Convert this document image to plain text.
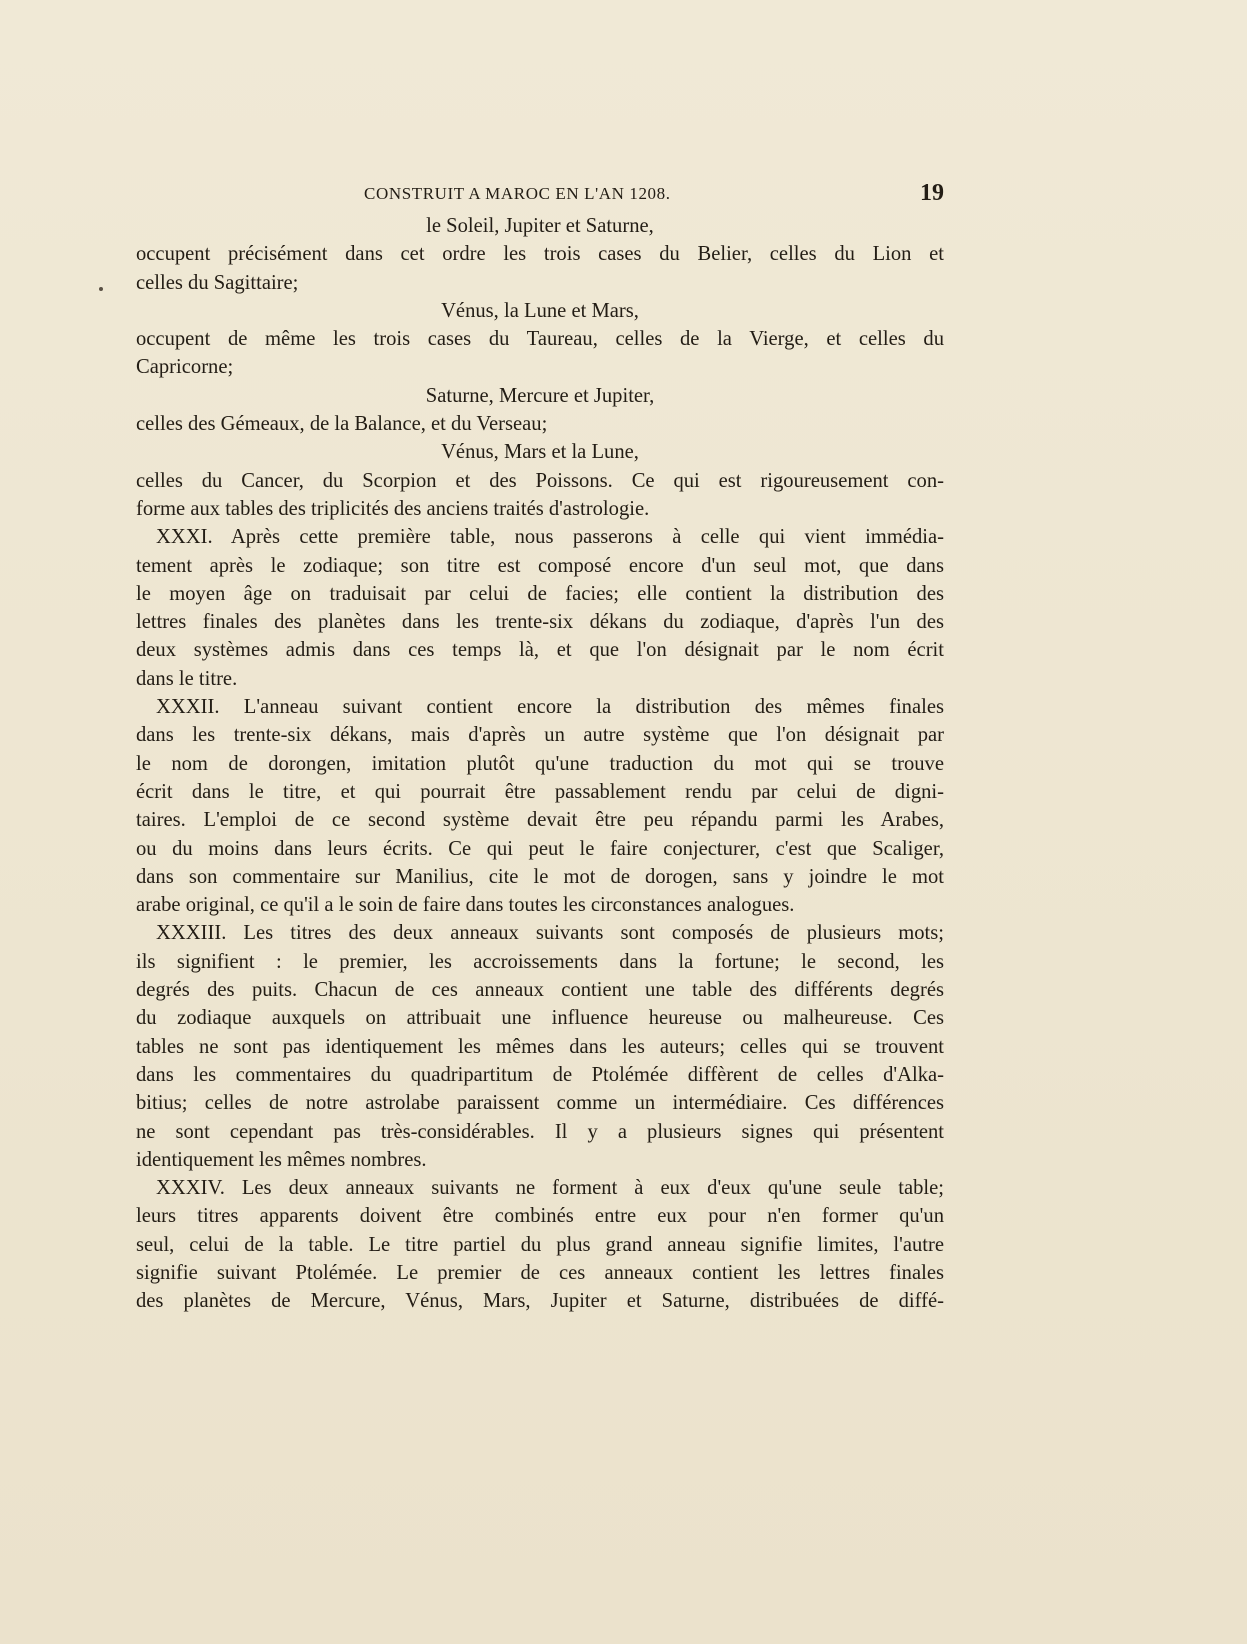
CONSTRUIT A MAROC EN L'AN 1208.	19
le Soleil, Jupiter et Saturne,
occupent précisément dans cet ordre les trois cases du Belier, celles du Lion et
celles du Sagittaire;
Vénus, la Lune et Mars,
occupent de même les trois cases du Taureau, celles de la Vierge, et celles du
Capricorne;
Saturne, Mercure et Jupiter,
celles des Gémeaux, de la Balance, et du Verseau;
Vénus, Mars et la Lune,
celles du Cancer, du Scorpion et des Poissons. Ce qui est rigoureusement con-
forme aux tables des triplicités des anciens traités d'astrologie.
XXXI. Après cette première table, nous passerons à celle qui vient immédia-
tement après le zodiaque; son titre est composé encore d'un seul mot, que dans
le moyen âge on traduisait par celui de facies; elle contient la distribution des
lettres finales des planètes dans les trente-six dékans du zodiaque, d'après l'un des
deux systèmes admis dans ces temps là, et que l'on désignait par le nom écrit
dans le titre.
XXXII. L'anneau suivant contient encore la distribution des mêmes finales
dans les trente-six dékans, mais d'après un autre système que l'on désignait par
le nom de dorongen, imitation plutôt qu'une traduction du mot qui se trouve
écrit dans le titre, et qui pourrait être passablement rendu par celui de digni-
taires. L'emploi de ce second système devait être peu répandu parmi les Arabes,
ou du moins dans leurs écrits. Ce qui peut le faire conjecturer, c'est que Scaliger,
dans son commentaire sur Manilius, cite le mot de dorogen, sans y joindre le mot
arabe original, ce qu'il a le soin de faire dans toutes les circonstances analogues.
XXXIII. Les titres des deux anneaux suivants sont composés de plusieurs mots;
ils signifient : le premier, les accroissements dans la fortune; le second, les
degrés des puits. Chacun de ces anneaux contient une table des différents degrés
du zodiaque auxquels on attribuait une influence heureuse ou malheureuse. Ces
tables ne sont pas identiquement les mêmes dans les auteurs; celles qui se trouvent
dans les commentaires du quadripartitum de Ptolémée diffèrent de celles d'Alka-
bitius; celles de notre astrolabe paraissent comme un intermédiaire. Ces différences
ne sont cependant pas très-considérables. Il y a plusieurs signes qui présentent
identiquement les mêmes nombres.
XXXIV. Les deux anneaux suivants ne forment à eux d'eux qu'une seule table;
leurs titres apparents doivent être combinés entre eux pour n'en former qu'un
seul, celui de la table. Le titre partiel du plus grand anneau signifie limites, l'autre
signifie suivant Ptolémée. Le premier de ces anneaux contient les lettres finales
des planètes de Mercure, Vénus, Mars, Jupiter et Saturne, distribuées de diffé-
